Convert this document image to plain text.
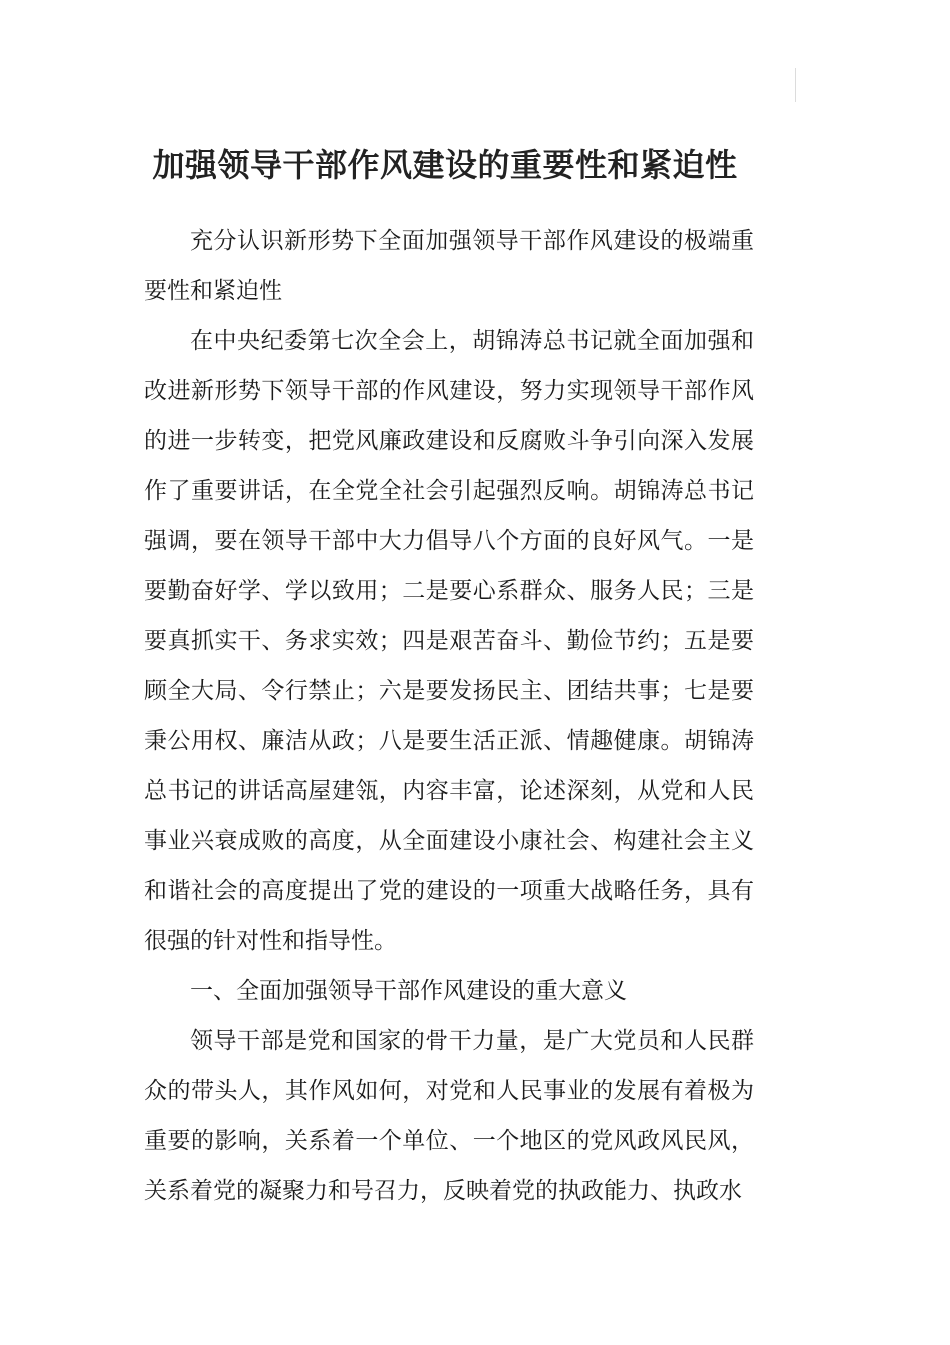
加强领导干部作风建设的重要性和紧迫性

充分认识新形势下全面加强领导干部作风建设的极端重要性和紧迫性

在中央纪委第七次全会上，胡锦涛总书记就全面加强和改进新形势下领导干部的作风建设，努力实现领导干部作风的进一步转变，把党风廉政建设和反腐败斗争引向深入发展作了重要讲话，在全党全社会引起强烈反响。胡锦涛总书记强调，要在领导干部中大力倡导八个方面的良好风气。一是要勤奋好学、学以致用；二是要心系群众、服务人民；三是要真抓实干、务求实效；四是艰苦奋斗、勤俭节约；五是要顾全大局、令行禁止；六是要发扬民主、团结共事；七是要秉公用权、廉洁从政；八是要生活正派、情趣健康。胡锦涛总书记的讲话高屋建瓴，内容丰富，论述深刻，从党和人民事业兴衰成败的高度，从全面建设小康社会、构建社会主义和谐社会的高度提出了党的建设的一项重大战略任务，具有很强的针对性和指导性。

一、全面加强领导干部作风建设的重大意义

领导干部是党和国家的骨干力量，是广大党员和人民群众的带头人，其作风如何，对党和人民事业的发展有着极为重要的影响，关系着一个单位、一个地区的党风政风民风，关系着党的凝聚力和号召力，反映着党的执政能力、执政水
